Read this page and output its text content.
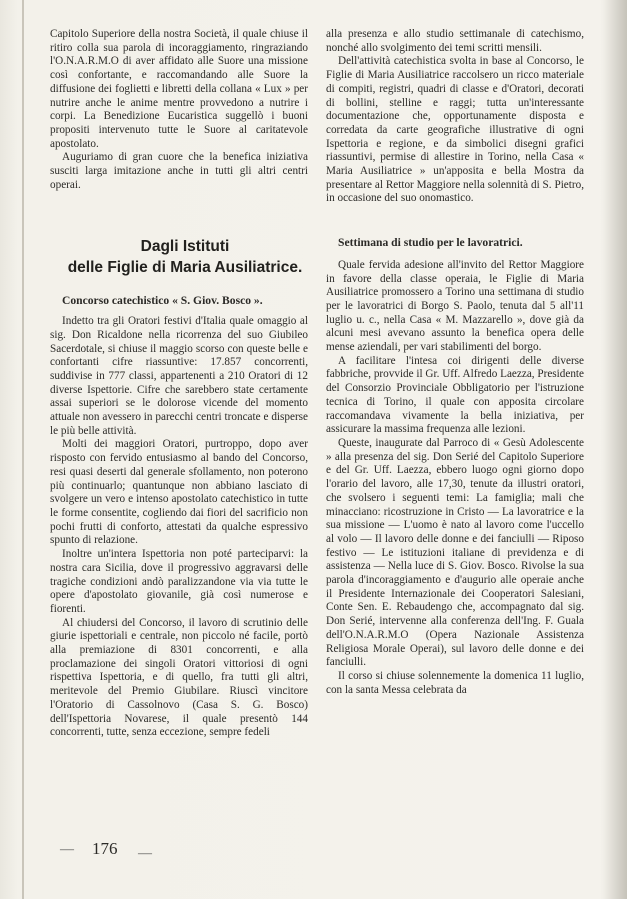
Capitolo Superiore della nostra Società, il quale chiuse il ritiro colla sua parola di incoraggiamento, ringraziando l'O.N.A.R.M.O di aver affidato alle Suore una missione così confortante, e raccomandando alle Suore la diffusione dei foglietti e libretti della collana « Lux » per nutrire anche le anime mentre provvedono a nutrire i corpi. La Benedizione Eucaristica suggellò i buoni propositi intervenuto tutte le Suore al caritatevole apostolato.

Auguriamo di gran cuore che la benefica iniziativa susciti larga imitazione anche in tutti gli altri centri operai.

Dagli Istituti

delle Figlie di Maria Ausiliatrice.

Concorso catechistico « S. Giov. Bosco ».

Indetto tra gli Oratori festivi d'Italia quale omaggio al sig. Don Ricaldone nella ricorrenza del suo Giubileo Sacerdotale, si chiuse il maggio scorso con queste belle e confortanti cifre riassuntive: 17.857 concorrenti, suddivise in 777 classi, appartenenti a 210 Oratori di 12 diverse Ispettorie. Cifre che sarebbero state certamente assai superiori se le dolorose vicende del momento attuale non avessero in parecchi centri troncate e disperse le più belle attività.

Molti dei maggiori Oratori, purtroppo, dopo aver risposto con fervido entusiasmo al bando del Concorso, resi quasi deserti dal generale sfollamento, non poterono più continuarlo; quantunque non abbiano lasciato di svolgere un vero e intenso apostolato catechistico in tutte le forme consentite, cogliendo dai fiori del sacrificio non pochi frutti di conforto, attestati da qualche espressivo spunto di relazione.

Inoltre un'intera Ispettoria non poté parteciparvi: la nostra cara Sicilia, dove il progressivo aggravarsi delle tragiche condizioni andò paralizzandone via via tutte le opere d'apostolato giovanile, già così numerose e fiorenti.

Al chiudersi del Concorso, il lavoro di scrutinio delle giurie ispettoriali e centrale, non piccolo né facile, portò alla premiazione di 8301 concorrenti, e alla proclamazione dei singoli Oratori vittoriosi di ogni rispettiva Ispettoria, e di quello, fra tutti gli altri, meritevole del Premio Giubilare. Riuscì vincitore l'Oratorio di Cassolnovo (Casa S. G. Bosco) dell'Ispettoria Novarese, il quale presentò 144 concorrenti, tutte, senza eccezione, sempre fedeli

alla presenza e allo studio settimanale di catechismo, nonché allo svolgimento dei temi scritti mensili.

Dell'attività catechistica svolta in base al Concorso, le Figlie di Maria Ausiliatrice raccolsero un ricco materiale di compiti, registri, quadri di classe e d'Oratori, decorati di bollini, stelline e raggi; tutta un'interessante documentazione che, opportunamente disposta e corredata da carte geografiche illustrative di ogni Ispettoria e regione, e da simbolici disegni grafici riassuntivi, permise di allestire in Torino, nella Casa « Maria Ausiliatrice » un'apposita e bella Mostra da presentare al Rettor Maggiore nella solennità di S. Pietro, in occasione del suo onomastico.

Settimana di studio per le lavoratrici.

Quale fervida adesione all'invito del Rettor Maggiore in favore della classe operaia, le Figlie di Maria Ausiliatrice promossero a Torino una settimana di studio per le lavoratrici di Borgo S. Paolo, tenuta dal 5 all'11 luglio u. c., nella Casa « M. Mazzarello », dove già da alcuni mesi avevano assunto la benefica opera delle mense aziendali, per vari stabilimenti del borgo.

A facilitare l'intesa coi dirigenti delle diverse fabbriche, provvide il Gr. Uff. Alfredo Laezza, Presidente del Consorzio Provinciale Obbligatorio per l'istruzione tecnica di Torino, il quale con apposita circolare raccomandava vivamente la bella iniziativa, per assicurare la massima frequenza alle lezioni.

Queste, inaugurate dal Parroco di « Gesù Adolescente » alla presenza del sig. Don Serié del Capitolo Superiore e del Gr. Uff. Laezza, ebbero luogo ogni giorno dopo l'orario del lavoro, alle 17,30, tenute da illustri oratori, che svolsero i seguenti temi: La famiglia; mali che minacciano: ricostruzione in Cristo — La lavoratrice e la sua missione — L'uomo è nato al lavoro come l'uccello al volo — Il lavoro delle donne e dei fanciulli — Riposo festivo — Le istituzioni italiane di previdenza e di assistenza — Nella luce di S. Giov. Bosco. Rivolse la sua parola d'incoraggiamento e d'augurio alle operaie anche il Presidente Internazionale dei Cooperatori Salesiani, Conte Sen. E. Rebaudengo che, accompagnato dal sig. Don Serié, intervenne alla conferenza dell'Ing. F. Guala dell'O.N.A.R.M.O (Opera Nazionale Assistenza Religiosa Morale Operai), sul lavoro delle donne e dei fanciulli.

Il corso si chiuse solennemente la domenica 11 luglio, con la santa Messa celebrata da

— 176 —
